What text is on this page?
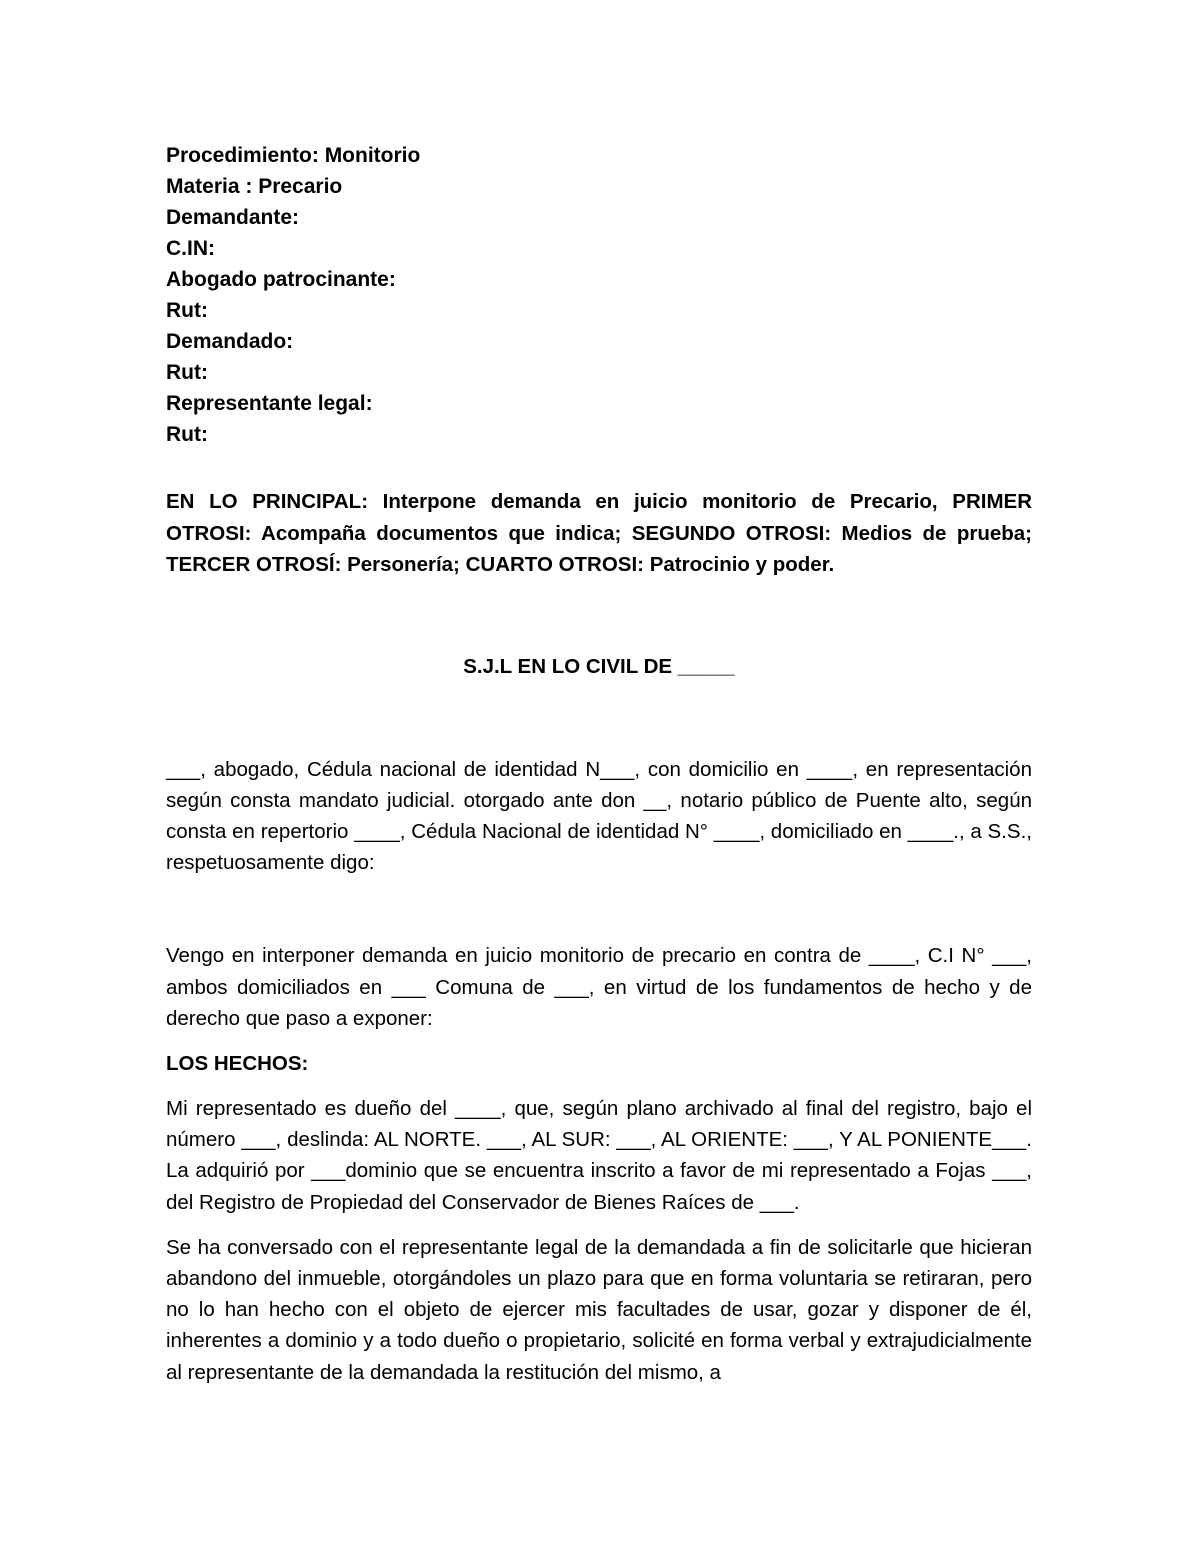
Procedimiento: Monitorio
Materia : Precario
Demandante:
C.IN:
Abogado patrocinante:
Rut:
Demandado:
Rut:
Representante legal:
Rut:
EN LO PRINCIPAL: Interpone demanda en juicio monitorio de Precario, PRIMER OTROSI: Acompaña documentos que indica; SEGUNDO OTROSI: Medios de prueba; TERCER OTROSÍ: Personería; CUARTO OTROSI: Patrocinio y poder.
S.J.L EN LO CIVIL DE _____

___, abogado, Cédula nacional de identidad N___, con domicilio en ____, en representación según consta mandato judicial. otorgado ante don __, notario público de Puente alto, según consta en repertorio ____, Cédula Nacional de identidad N° ____, domiciliado en ____., a S.S., respetuosamente digo:

Vengo en interponer demanda en juicio monitorio de precario en contra de ____, C.I N° ___, ambos domiciliados en ___ Comuna de ___, en virtud de los fundamentos de hecho y de derecho que paso a exponer:

LOS HECHOS:

Mi representado es dueño del ____, que, según plano archivado al final del registro, bajo el número ___, deslinda: AL NORTE. ___, AL SUR: ___, AL ORIENTE: ___, Y AL PONIENTE___. La adquirió por ___dominio que se encuentra inscrito a favor de mi representado a Fojas ___, del Registro de Propiedad del Conservador de Bienes Raíces de ___.

Se ha conversado con el representante legal de la demandada a fin de solicitarle que hicieran abandono del inmueble, otorgándoles un plazo para que en forma voluntaria se retiraran, pero no lo han hecho con el objeto de ejercer mis facultades de usar, gozar y disponer de él, inherentes a dominio y a todo dueño o propietario, solicité en forma verbal y extrajudicialmente al representante de la demandada la restitución del mismo, a
